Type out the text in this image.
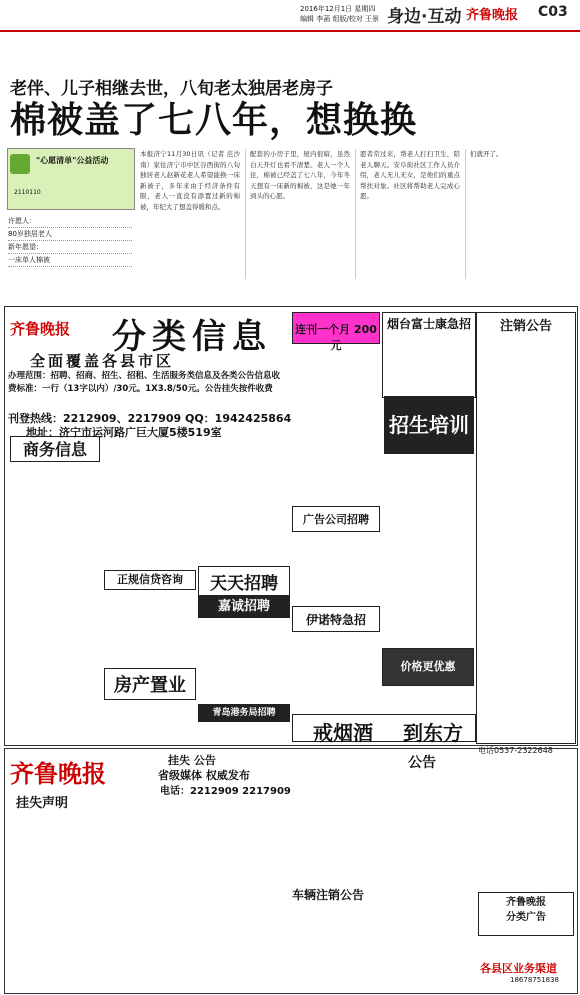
2016年12月1日 星期四
编辑 李菡 组版/校对 王景 身边·互动 齐鲁晚报 C03
老伴、儿子相继去世，八旬老太独居老房子
棉被盖了七八年，想换换
"心愿清单"公益活动
2110110
许愿人：
80岁独居老人
新年愿望：
一床单人棉被
本报济宁11月30日讯（记者 范沙南）家住济宁市中区谷西街的八旬独居老人赵新花老人希望能换一床新被子，多年来由于经济条件有限，老人一直没有添置过新的棉被，年纪大了想盖得暖和点。
配套的小房子里，屋内很暗，虽然白天开灯也看不清楚。老人一个人住，棉被已经盖了七八年，今年冬天想有一床新的棉被，这是她一年到头的心愿。
愿者常过来，帮老人打扫卫生，陪老人聊天。安阜街社区工作人员介绍，老人无儿无女，是他们的重点帮扶对象。社区将帮助老人完成心愿。
们就开了。
齐鲁晚报 分类信息
全面覆盖各县市区
办理范围：招聘、招商、招生、招租、生活服务类信息及各类公告信息收费标准：一行（13字以内）/30元。1X3.8/50元。公告挂失按件收费
刊登热线：2212909、2217909 QQ：1942425864
地址：济宁市运河路广巨大厦5楼519室
连刊一个月 200元
烟台富士康急招	注销公告
商务信息
招生培训
广告公司招聘
天天招聘
嘉诚招聘
房产置业
正规信贷咨询
青岛港务局招聘
伊诺特急招
价格更优惠
戒烟酒 到东方
电话0537-2322648
齐鲁晚报	挂失 公告
省级媒体 权威发布
电话：2212909 2217909
挂失声明
公告
车辆注销公告
齐鲁晚报
分类广告
各县区业务渠道
18678751838
